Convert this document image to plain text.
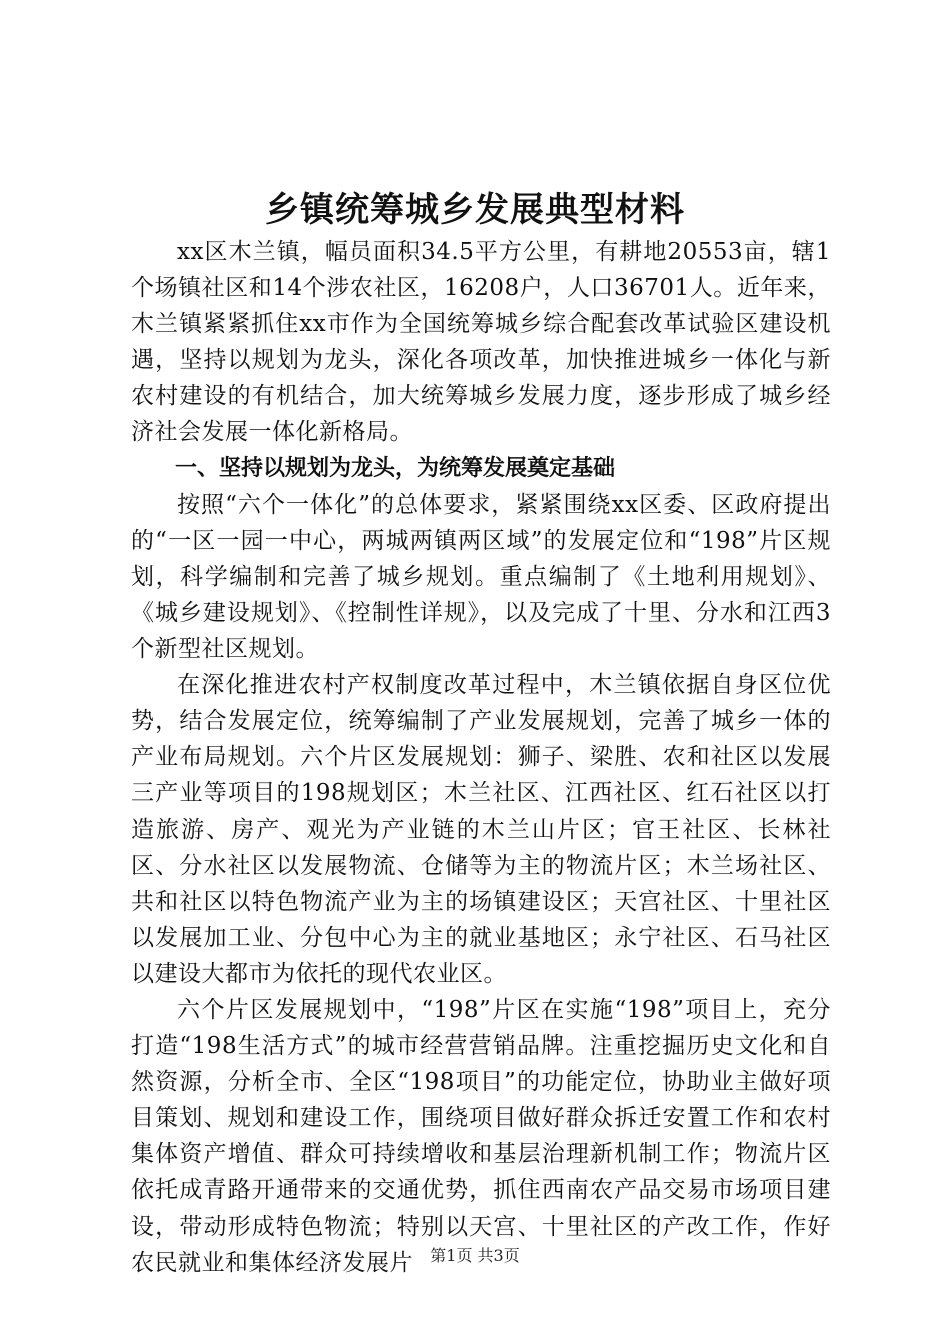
乡镇统筹城乡发展典型材料

xx区木兰镇，幅员面积34.5平方公里，有耕地20553亩，辖1个场镇社区和14个涉农社区，16208户，人口36701人。近年来，木兰镇紧紧抓住xx市作为全国统筹城乡综合配套改革试验区建设机遇，坚持以规划为龙头，深化各项改革，加快推进城乡一体化与新农村建设的有机结合，加大统筹城乡发展力度，逐步形成了城乡经济社会发展一体化新格局。

一、坚持以规划为龙头，为统筹发展奠定基础

按照“六个一体化”的总体要求，紧紧围绕xx区委、区政府提出的“一区一园一中心，两城两镇两区域”的发展定位和“198”片区规划，科学编制和完善了城乡规划。重点编制了《土地利用规划》、《城乡建设规划》、《控制性详规》，以及完成了十里、分水和江西3个新型社区规划。

在深化推进农村产权制度改革过程中，木兰镇依据自身区位优势，结合发展定位，统筹编制了产业发展规划，完善了城乡一体的产业布局规划。六个片区发展规划：狮子、梁胜、农和社区以发展三产业等项目的198规划区；木兰社区、江西社区、红石社区以打造旅游、房产、观光为产业链的木兰山片区；官王社区、长林社区、分水社区以发展物流、仓储等为主的物流片区；木兰场社区、共和社区以特色物流产业为主的场镇建设区；天宫社区、十里社区以发展加工业、分包中心为主的就业基地区；永宁社区、石马社区以建设大都市为依托的现代农业区。

六个片区发展规划中，“198”片区在实施“198”项目上，充分打造“198生活方式”的城市经营营销品牌。注重挖掘历史文化和自然资源，分析全市、全区“198项目”的功能定位，协助业主做好项目策划、规划和建设工作，围绕项目做好群众拆迁安置工作和农村集体资产增值、群众可持续增收和基层治理新机制工作；物流片区依托成青路开通带来的交通优势，抓住西南农产品交易市场项目建设，带动形成特色物流；特别以天宫、十里社区的产改工作，作好农民就业和集体经济发展片	第1页 共3页
